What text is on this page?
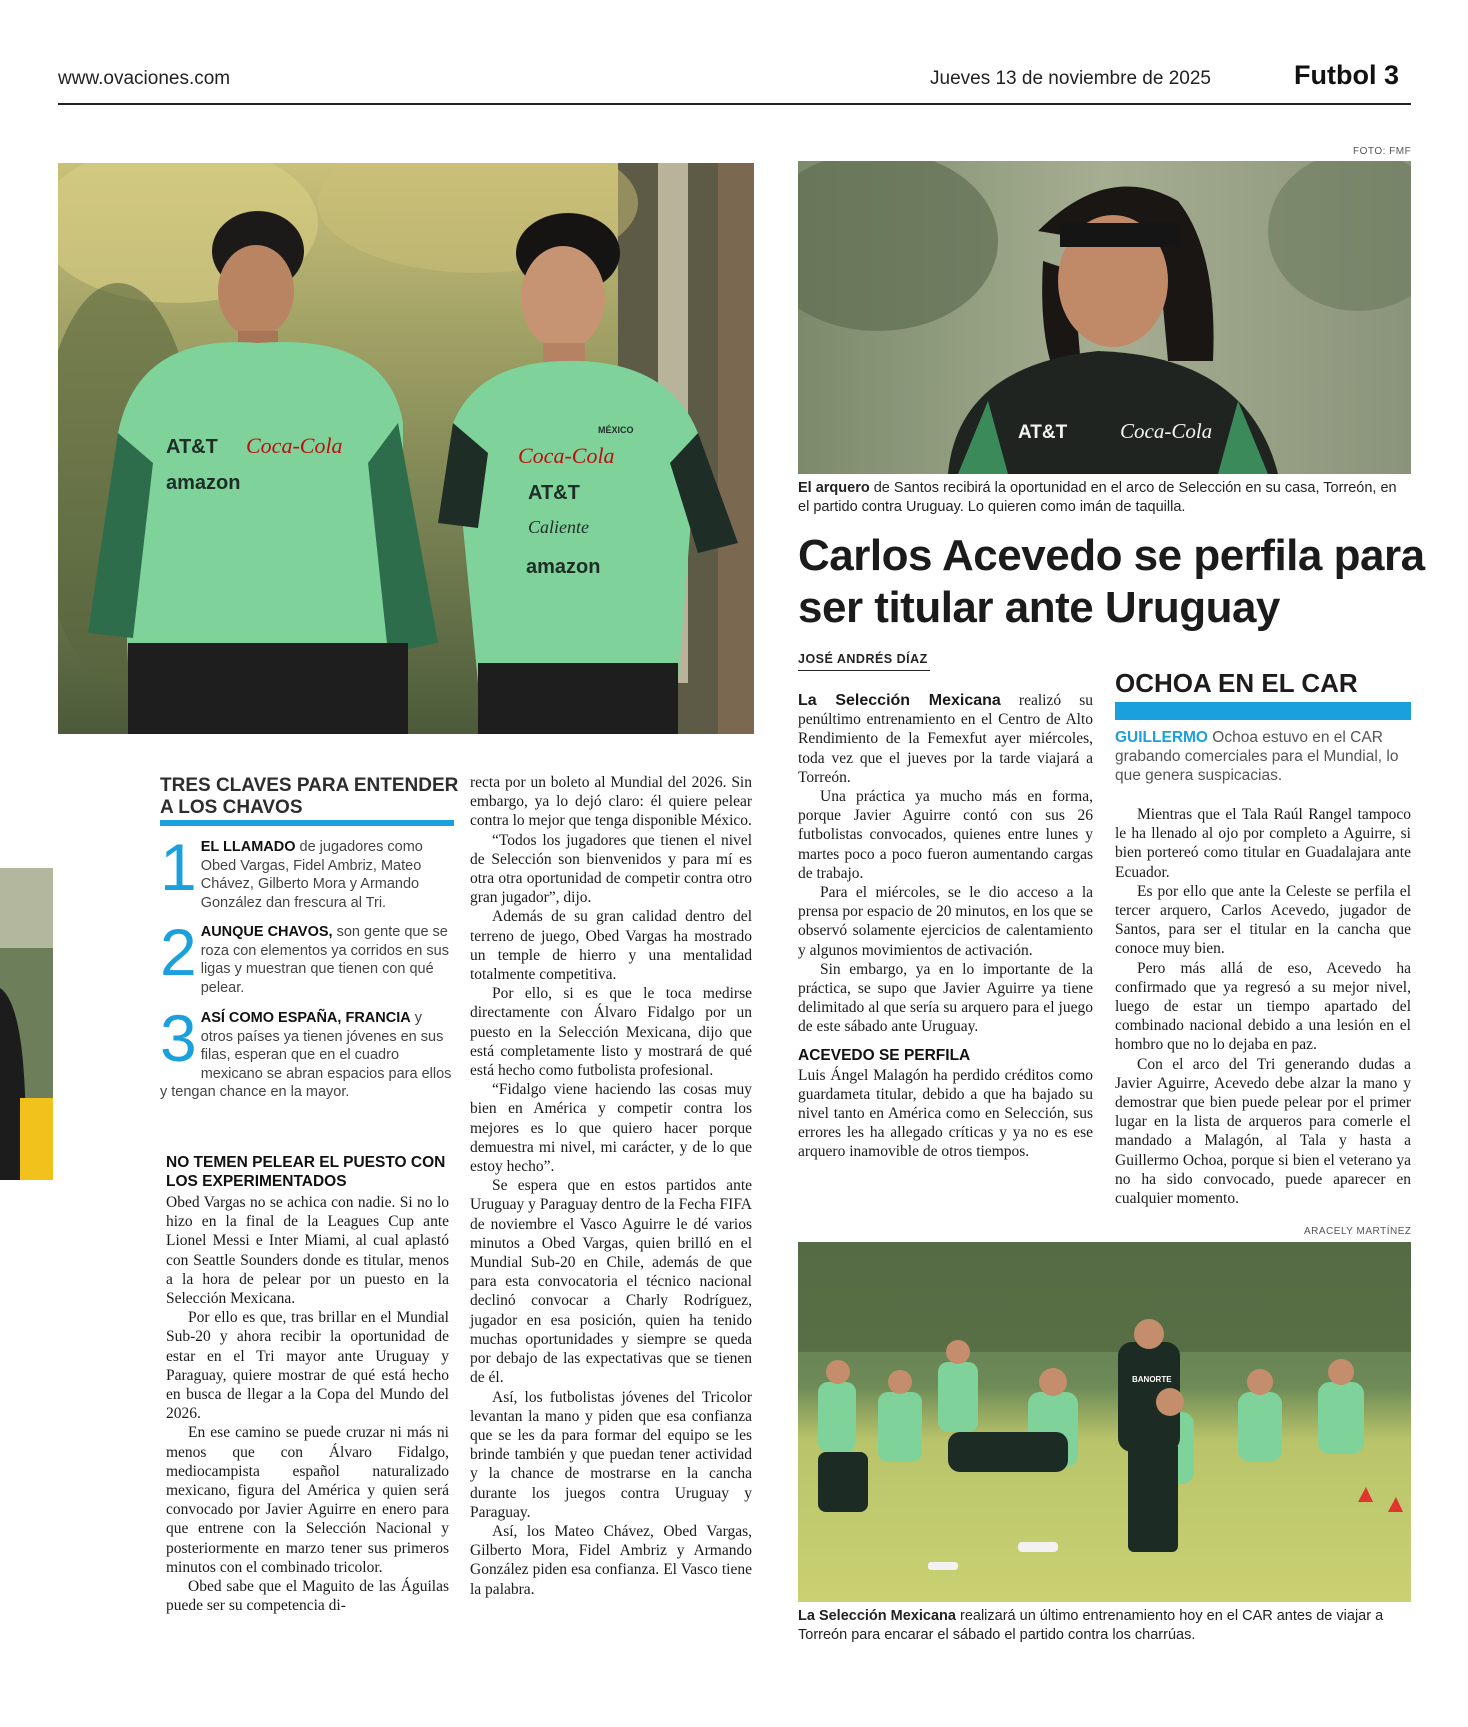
www.ovaciones.com	Jueves 13 de noviembre de 2025	Futbol 3
AT&T Coca-Cola
amazon
Coca-Cola
AT&T
Caliente
amazon
MÉXICO
TRES CLAVES PARA ENTENDER A LOS CHAVOS
1 EL LLAMADO de jugadores como Obed Vargas, Fidel Ambriz, Mateo Chávez, Gilberto Mora y Armando González dan frescura al Tri.
2 AUNQUE CHAVOS, son gente que se roza con elementos ya corridos en sus ligas y muestran que tienen con qué pelear.
3 ASÍ COMO ESPAÑA, FRANCIA y otros países ya tienen jóvenes en sus filas, esperan que en el cuadro mexicano se abran espacios para ellos y tengan chance en la mayor.
NO TEMEN PELEAR EL PUESTO CON LOS EXPERIMENTADOS

Obed Vargas no se achica con nadie. Si no lo hizo en la final de la Leagues Cup ante Lionel Messi e Inter Miami, al cual aplastó con Seattle Sounders donde es titular, menos a la hora de pelear por un puesto en la Selección Mexicana.

Por ello es que, tras brillar en el Mundial Sub-20 y ahora recibir la oportunidad de estar en el Tri mayor ante Uruguay y Paraguay, quiere mostrar de qué está hecho en busca de llegar a la Copa del Mundo del 2026.

En ese camino se puede cruzar ni más ni menos que con Álvaro Fidalgo, mediocampista español naturalizado mexicano, figura del América y quien será convocado por Javier Aguirre en enero para que entrene con la Selección Nacional y posteriormente en marzo tener sus primeros minutos con el combinado tricolor.

Obed sabe que el Maguito de las Águilas puede ser su competencia di-

recta por un boleto al Mundial del 2026. Sin embargo, ya lo dejó claro: él quiere pelear contra lo mejor que tenga disponible México.

“Todos los jugadores que tienen el nivel de Selección son bienvenidos y para mí es otra otra oportunidad de competir contra otro gran jugador”, dijo.

Además de su gran calidad dentro del terreno de juego, Obed Vargas ha mostrado un temple de hierro y una mentalidad totalmente competitiva.

Por ello, si es que le toca medirse directamente con Álvaro Fidalgo por un puesto en la Selección Mexicana, dijo que está completamente listo y mostrará de qué está hecho como futbolista profesional.

“Fidalgo viene haciendo las cosas muy bien en América y competir contra los mejores es lo que quiero hacer porque demuestra mi nivel, mi carácter, y de lo que estoy hecho”.

Se espera que en estos partidos ante Uruguay y Paraguay dentro de la Fecha FIFA de noviembre el Vasco Aguirre le dé varios minutos a Obed Vargas, quien brilló en el Mundial Sub-20 en Chile, además de que para esta convocatoria el técnico nacional declinó convocar a Charly Rodríguez, jugador en esa posición, quien ha tenido muchas oportunidades y siempre se queda por debajo de las expectativas que se tienen de él.

Así, los futbolistas jóvenes del Tricolor levantan la mano y piden que esa confianza que se les da para formar del equipo se les brinde también y que puedan tener actividad y la chance de mostrarse en la cancha durante los juegos contra Uruguay y Paraguay.

Así, los Mateo Chávez, Obed Vargas, Gilberto Mora, Fidel Ambriz y Armando González piden esa confianza. El Vasco tiene la palabra.

FOTO: FMF
AT&T	Coca-Cola
El arquero de Santos recibirá la oportunidad en el arco de Selección en su casa, Torreón, en el partido contra Uruguay. Lo quieren como imán de taquilla.
Carlos Acevedo se perfila para ser titular ante Uruguay
JOSÉ ANDRÉS DÍAZ

La Selección Mexicana realizó su penúltimo entrenamiento en el Centro de Alto Rendimiento de la Femexfut ayer miércoles, toda vez que el jueves por la tarde viajará a Torreón.

Una práctica ya mucho más en forma, porque Javier Aguirre contó con sus 26 futbolistas convocados, quienes entre lunes y martes poco a poco fueron aumentando cargas de trabajo.

Para el miércoles, se le dio acceso a la prensa por espacio de 20 minutos, en los que se observó solamente ejercicios de calentamiento y algunos movimientos de activación.

Sin embargo, ya en lo importante de la práctica, se supo que Javier Aguirre ya tiene delimitado al que sería su arquero para el juego de este sábado ante Uruguay.

ACEVEDO SE PERFILA

Luis Ángel Malagón ha perdido créditos como guardameta titular, debido a que ha bajado su nivel tanto en América como en Selección, sus errores les ha allegado críticas y ya no es ese arquero inamovible de otros tiempos.

OCHOA EN EL CAR
GUILLERMO Ochoa estuvo en el CAR grabando comerciales para el Mundial, lo que genera suspicacias.

Mientras que el Tala Raúl Rangel tampoco le ha llenado al ojo por completo a Aguirre, si bien portereó como titular en Guadalajara ante Ecuador.

Es por ello que ante la Celeste se perfila el tercer arquero, Carlos Acevedo, jugador de Santos, para ser el titular en la cancha que conoce muy bien.

Pero más allá de eso, Acevedo ha confirmado que ya regresó a su mejor nivel, luego de estar un tiempo apartado del combinado nacional debido a una lesión en el hombro que no lo dejaba en paz.

Con el arco del Tri generando dudas a Javier Aguirre, Acevedo debe alzar la mano y demostrar que bien puede pelear por el primer lugar en la lista de arqueros para comerle el mandado a Malagón, al Tala y hasta a Guillermo Ochoa, porque si bien el veterano ya no ha sido convocado, puede aparecer en cualquier momento.

ARACELY MARTÍNEZ
BANORTE
La Selección Mexicana realizará un último entrenamiento hoy en el CAR antes de viajar a Torreón para encarar el sábado el partido contra los charrúas.
